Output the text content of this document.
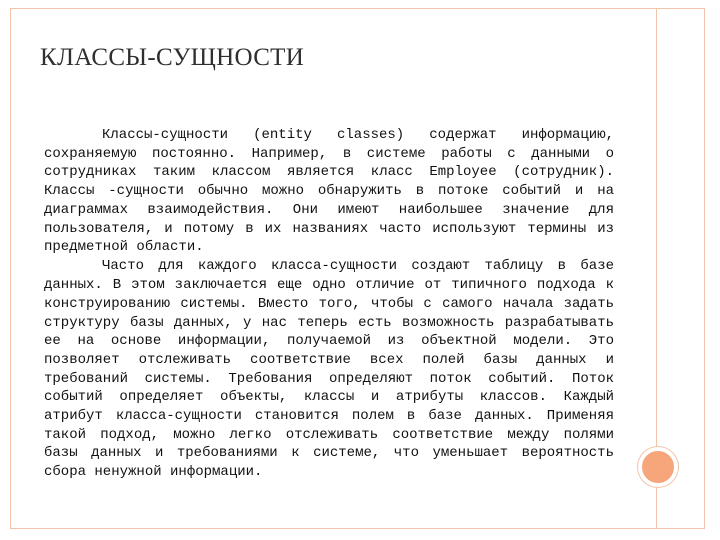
КЛАССЫ-СУЩНОСТИ

Классы-сущности (entity classes) содержат информацию, сохраняемую постоянно. Например, в системе работы с данными о сотрудниках таким классом является класс Employee (сотрудник). Классы -сущности обычно можно обнаружить в потоке событий и на диаграммах взаимодействия. Они имеют наибольшее значение для пользователя, и потому в их названиях часто используют термины из предметной области.

Часто для каждого класса-сущности создают таблицу в базе данных. В этом заключается еще одно отличие от типичного подхода к конструированию системы. Вместо того, чтобы с самого начала задать структуру базы данных, у нас теперь есть возможность разрабатывать ее на основе информации, получаемой из объектной модели. Это позволяет отслеживать соответствие всех полей базы данных и требований системы. Требования определяют поток событий. Поток событий определяет объекты, классы и атрибуты классов. Каждый атрибут класса-сущности становится полем в базе данных. Применяя такой подход, можно легко отслеживать соответствие между полями базы данных и требованиями к системе, что уменьшает вероятность сбора ненужной информации.
